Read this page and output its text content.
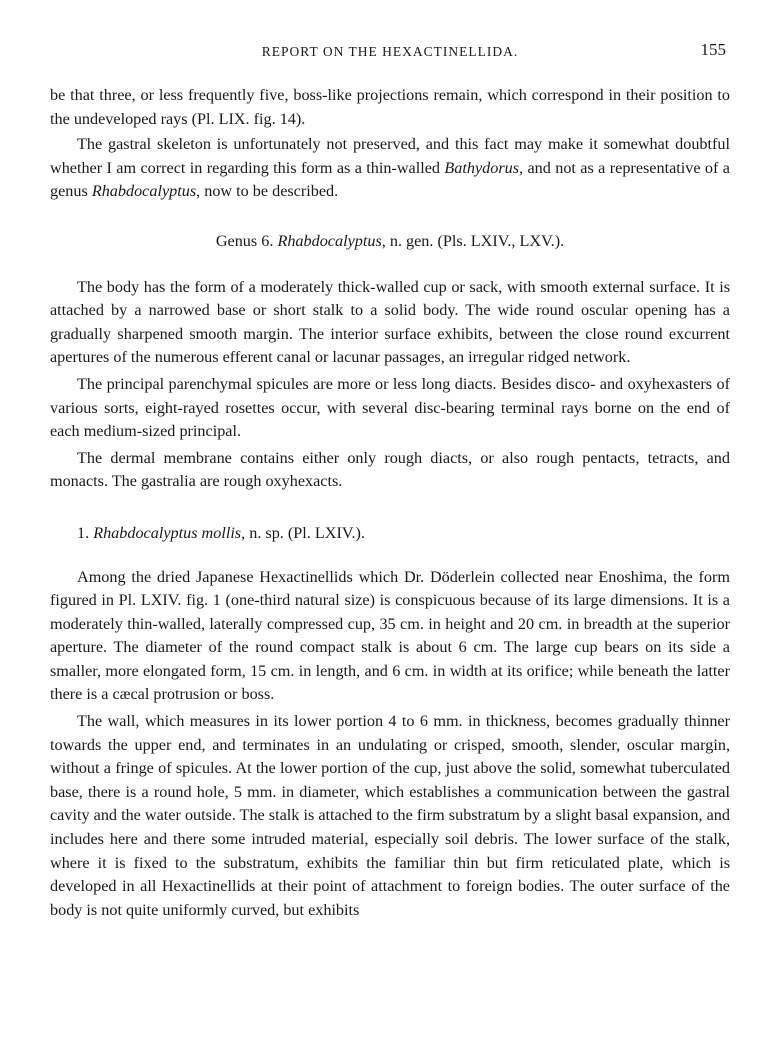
REPORT ON THE HEXACTINELLIDA.	155

be that three, or less frequently five, boss-like projections remain, which correspond in their position to the undeveloped rays (Pl. LIX. fig. 14).

The gastral skeleton is unfortunately not preserved, and this fact may make it somewhat doubtful whether I am correct in regarding this form as a thin-walled Bathydorus, and not as a representative of a genus Rhabdocalyptus, now to be described.

Genus 6. Rhabdocalyptus, n. gen. (Pls. LXIV., LXV.).

The body has the form of a moderately thick-walled cup or sack, with smooth external surface. It is attached by a narrowed base or short stalk to a solid body. The wide round oscular opening has a gradually sharpened smooth margin. The interior surface exhibits, between the close round excurrent apertures of the numerous efferent canal or lacunar passages, an irregular ridged network.

The principal parenchymal spicules are more or less long diacts. Besides disco- and oxyhexasters of various sorts, eight-rayed rosettes occur, with several disc-bearing terminal rays borne on the end of each medium-sized principal.

The dermal membrane contains either only rough diacts, or also rough pentacts, tetracts, and monacts. The gastralia are rough oxyhexacts.

1. Rhabdocalyptus mollis, n. sp. (Pl. LXIV.).

Among the dried Japanese Hexactinellids which Dr. Döderlein collected near Enoshima, the form figured in Pl. LXIV. fig. 1 (one-third natural size) is conspicuous because of its large dimensions. It is a moderately thin-walled, laterally compressed cup, 35 cm. in height and 20 cm. in breadth at the superior aperture. The diameter of the round compact stalk is about 6 cm. The large cup bears on its side a smaller, more elongated form, 15 cm. in length, and 6 cm. in width at its orifice; while beneath the latter there is a cæcal protrusion or boss.

The wall, which measures in its lower portion 4 to 6 mm. in thickness, becomes gradually thinner towards the upper end, and terminates in an undulating or crisped, smooth, slender, oscular margin, without a fringe of spicules. At the lower portion of the cup, just above the solid, somewhat tuberculated base, there is a round hole, 5 mm. in diameter, which establishes a communication between the gastral cavity and the water outside. The stalk is attached to the firm substratum by a slight basal expansion, and includes here and there some intruded material, especially soil debris. The lower surface of the stalk, where it is fixed to the substratum, exhibits the familiar thin but firm reticulated plate, which is developed in all Hexactinellids at their point of attachment to foreign bodies. The outer surface of the body is not quite uniformly curved, but exhibits
